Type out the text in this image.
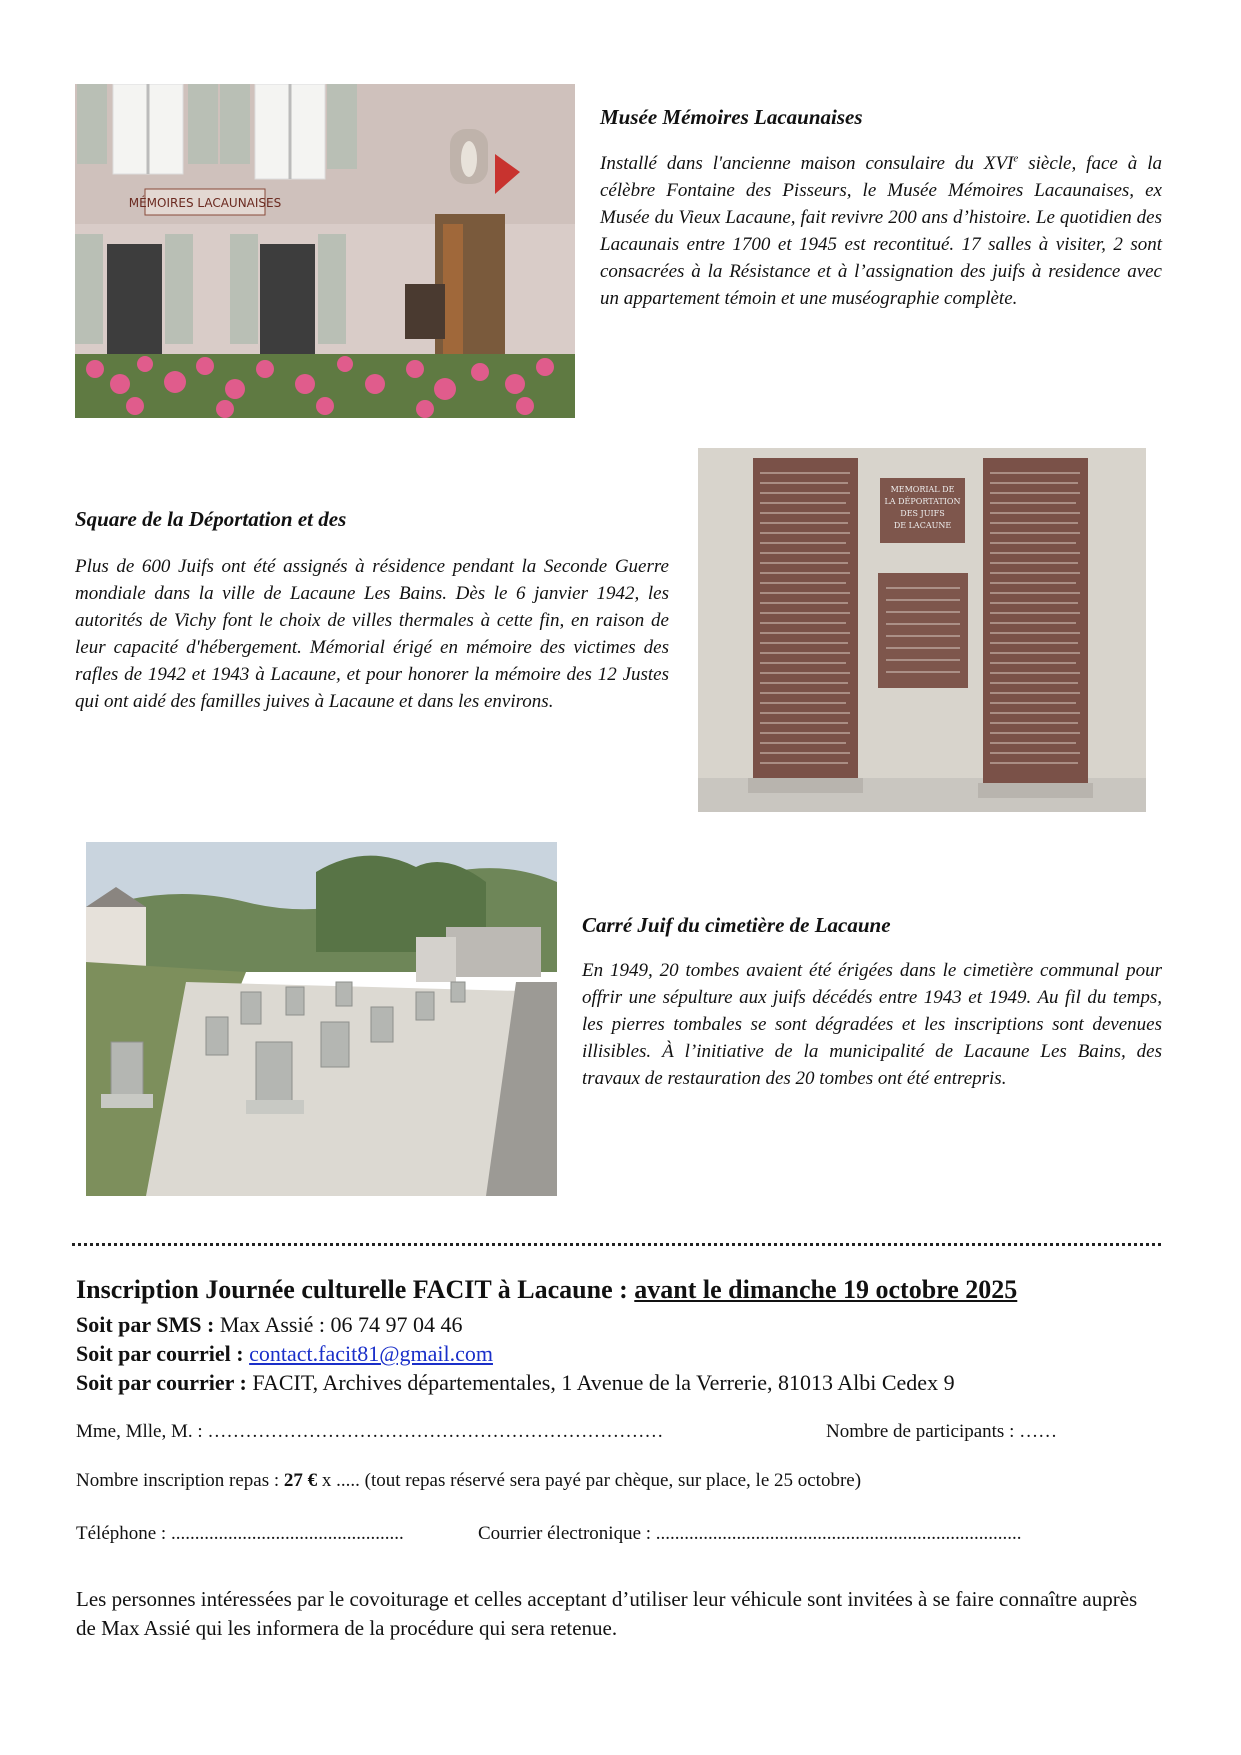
MÉMOIRES LACAUNAISES
Musée Mémoires Lacaunaises

Installé dans l'ancienne maison consulaire du XVIe siècle, face à la célèbre Fontaine des Pisseurs, le Musée Mémoires Lacaunaises, ex Musée du Vieux Lacaune, fait revivre 200 ans d’histoire. Le quotidien des Lacaunais entre 1700 et 1945 est recontitué. 17 salles à visiter, 2 sont consacrées à la Résistance et à l’assignation des juifs à residence avec un appartement témoin et une muséographie complète.

Square de la Déportation et des

Plus de 600 Juifs ont été assignés à résidence pendant la Seconde Guerre mondiale dans la ville de Lacaune Les Bains. Dès le 6 janvier 1942, les autorités de Vichy font le choix de villes thermales à cette fin, en raison de leur capacité d'hébergement. Mémorial érigé en mémoire des victimes des rafles de 1942 et 1943 à Lacaune, et pour honorer la mémoire des 12 Justes qui ont aidé des familles juives à Lacaune et dans les environs.

MEMORIAL DE
LA DÉPORTATION
DES JUIFS
DE LACAUNE
Carré Juif du cimetière de Lacaune

En 1949, 20 tombes avaient été érigées dans le cimetière communal pour offrir une sépulture aux juifs décédés entre 1943 et 1949. Au fil du temps, les pierres tombales se sont dégradées et les inscriptions sont devenues illisibles. À l’initiative de la municipalité de Lacaune Les Bains, des travaux de restauration des 20 tombes ont été entrepris.

Inscription Journée culturelle FACIT à Lacaune : avant le dimanche 19 octobre 2025
Soit par SMS : Max Assié : 06 74 97 04 46
Soit par courriel : contact.facit81@gmail.com
Soit par courrier : FACIT, Archives départementales, 1 Avenue de la Verrerie, 81013 Albi Cedex 9
Mme, Mlle, M. : ………………………………………………………………	Nombre de participants : ……
Nombre inscription repas : 27 € x ..... (tout repas réservé sera payé par chèque, sur place, le 25 octobre)
Téléphone : .................................................	Courrier électronique : .............................................................................

Les personnes intéressées par le covoiturage et celles acceptant d’utiliser leur véhicule sont invitées à se faire connaître auprès de Max Assié qui les informera de la procédure qui sera retenue.
